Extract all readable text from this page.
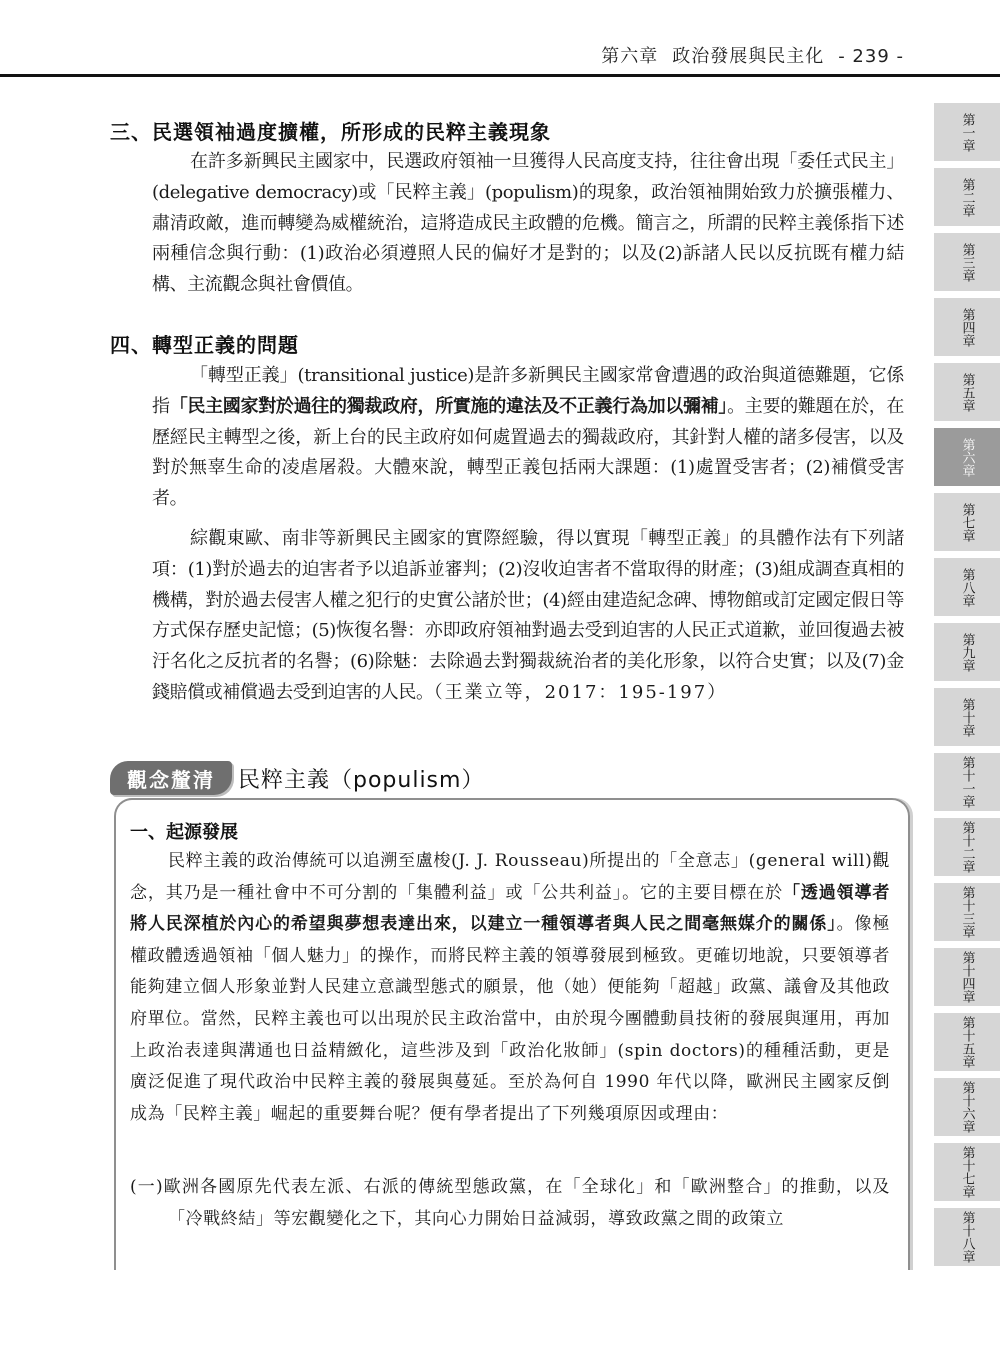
第六章 政治發展與民主化 - 239 -
第一章
第二章
第三章
第四章
第五章
第六章
第七章
第八章
第九章
第十章
第十一章
第十二章
第十三章
第十四章
第十五章
第十六章
第十七章
第十八章
三、民選領袖過度擴權，所形成的民粹主義現象
在許多新興民主國家中，民選政府領袖一旦獲得人民高度支持，往往會出現「委任式民主」(delegative democracy)或「民粹主義」(populism)的現象，政治領袖開始致力於擴張權力、肅清政敵，進而轉變為威權統治，這將造成民主政體的危機。簡言之，所謂的民粹主義係指下述兩種信念與行動：(1)政治必須遵照人民的偏好才是對的；以及(2)訴諸人民以反抗既有權力結構、主流觀念與社會價值。
四、轉型正義的問題
「轉型正義」(transitional justice)是許多新興民主國家常會遭遇的政治與道德難題，它係指「民主國家對於過往的獨裁政府，所實施的違法及不正義行為加以彌補」。主要的難題在於，在歷經民主轉型之後，新上台的民主政府如何處置過去的獨裁政府，其針對人權的諸多侵害，以及對於無辜生命的凌虐屠殺。大體來說，轉型正義包括兩大課題：(1)處置受害者；(2)補償受害者。
綜觀東歐、南非等新興民主國家的實際經驗，得以實現「轉型正義」的具體作法有下列諸項：(1)對於過去的迫害者予以追訴並審判；(2)沒收迫害者不當取得的財產；(3)組成調查真相的機構，對於過去侵害人權之犯行的史實公諸於世；(4)經由建造紀念碑、博物館或訂定國定假日等方式保存歷史記憶；(5)恢復名譽：亦即政府領袖對過去受到迫害的人民正式道歉，並回復過去被汙名化之反抗者的名譽；(6)除魅：去除過去對獨裁統治者的美化形象，以符合史實；以及(7)金錢賠償或補償過去受到迫害的人民。（王業立等，2017：195-197）
觀念釐清	民粹主義（populism）
一、起源發展
民粹主義的政治傳統可以追溯至盧梭(J. J. Rousseau)所提出的「全意志」(general will)觀念，其乃是一種社會中不可分割的「集體利益」或「公共利益」。它的主要目標在於「透過領導者將人民深植於內心的希望與夢想表達出來，以建立一種領導者與人民之間毫無媒介的關係」。像極權政體透過領袖「個人魅力」的操作，而將民粹主義的領導發展到極致。更確切地說，只要領導者能夠建立個人形象並對人民建立意識型態式的願景，他（她）便能夠「超越」政黨、議會及其他政府單位。當然，民粹主義也可以出現於民主政治當中，由於現今團體動員技術的發展與運用，再加上政治表達與溝通也日益精緻化，這些涉及到「政治化妝師」(spin doctors)的種種活動，更是廣泛促進了現代政治中民粹主義的發展與蔓延。至於為何自 1990 年代以降，歐洲民主國家反倒成為「民粹主義」崛起的重要舞台呢？便有學者提出了下列幾項原因或理由：
(一)歐洲各國原先代表左派、右派的傳統型態政黨，在「全球化」和「歐洲整合」的推動，以及「冷戰終結」等宏觀變化之下，其向心力開始日益減弱，導致政黨之間的政策立
